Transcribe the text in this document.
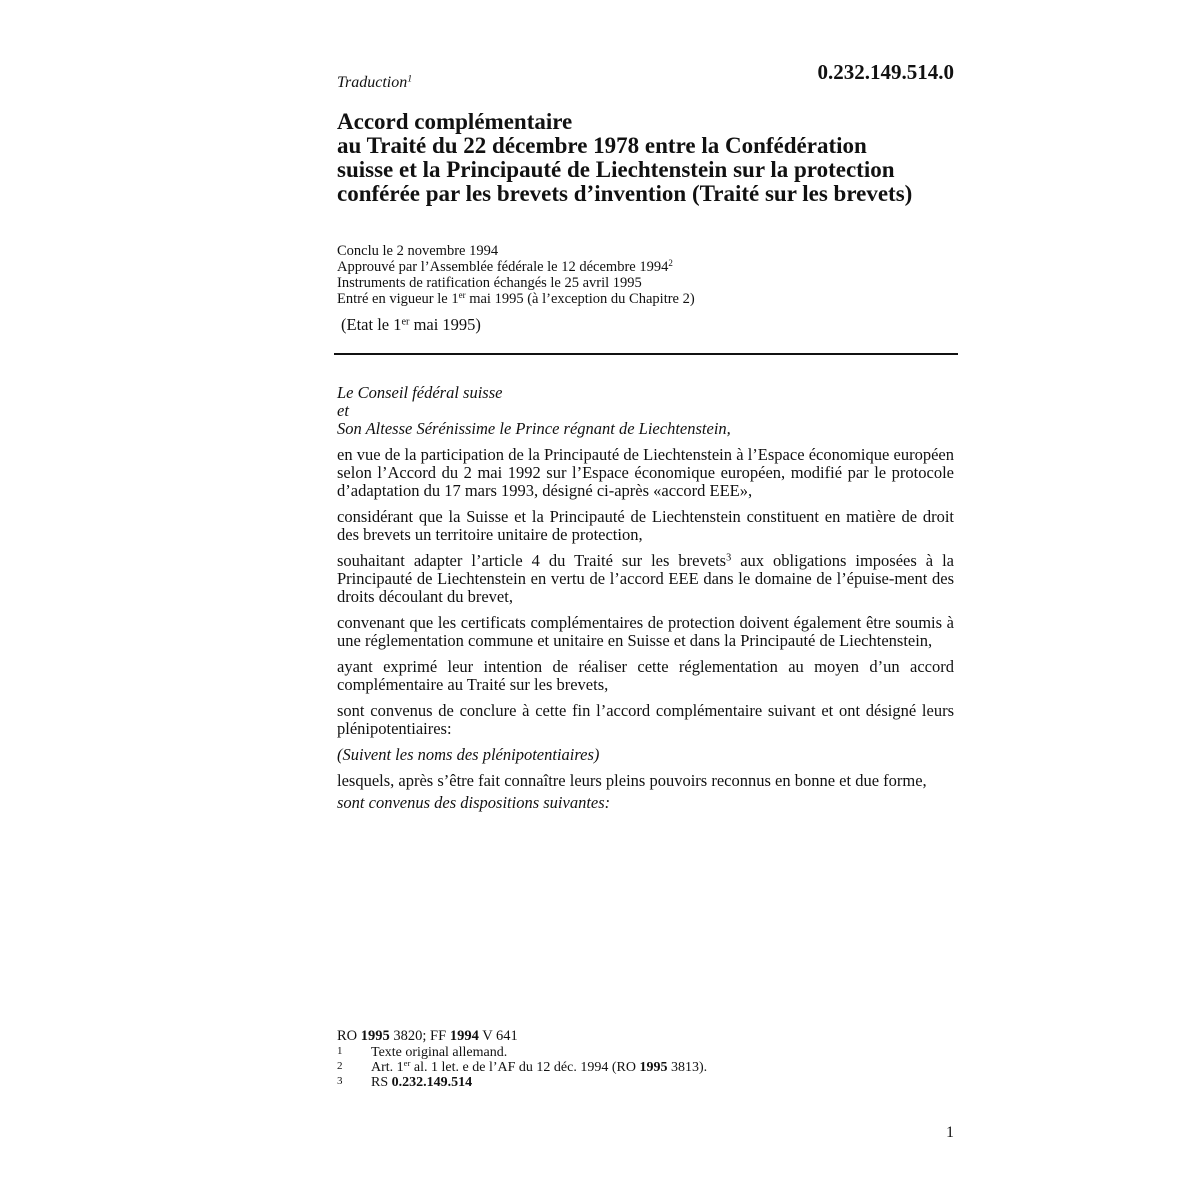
Traduction$^1$	0.232.149.514.0
Accord complémentaire
au Traité du 22 décembre 1978 entre la Confédération
suisse et la Principauté de Liechtenstein sur la protection
conférée par les brevets d’invention (Traité sur les brevets)
Conclu le 2 novembre 1994
Approuvé par l’Assemblée fédérale le 12 décembre 1994$^2$
Instruments de ratification échangés le 25 avril 1995
Entré en vigueur le 1er mai 1995 (à l’exception du Chapitre 2)
(Etat le 1er mai 1995)
Le Conseil fédéral suisse
et
Son Altesse Sérénissime le Prince régnant de Liechtenstein,

en vue de la participation de la Principauté de Liechtenstein à l’Espace économique européen selon l’Accord du 2 mai 1992 sur l’Espace économique européen, modifié par le protocole d’adaptation du 17 mars 1993, désigné ci-après «accord EEE»,

considérant que la Suisse et la Principauté de Liechtenstein constituent en matière de droit des brevets un territoire unitaire de protection,

souhaitant adapter l’article 4 du Traité sur les brevets$^3$ aux obligations imposées à la Principauté de Liechtenstein en vertu de l’accord EEE dans le domaine de l’épuise-ment des droits découlant du brevet,

convenant que les certificats complémentaires de protection doivent également être soumis à une réglementation commune et unitaire en Suisse et dans la Principauté de Liechtenstein,

ayant exprimé leur intention de réaliser cette réglementation au moyen d’un accord complémentaire au Traité sur les brevets,

sont convenus de conclure à cette fin l’accord complémentaire suivant et ont désigné leurs plénipotentiaires:

(Suivent les noms des plénipotentiaires)

lesquels, après s’être fait connaître leurs pleins pouvoirs reconnus en bonne et due forme,

sont convenus des dispositions suivantes:

RO 1995 3820; FF 1994 V 641
1	Texte original allemand.
2	Art. 1er al. 1 let. e de l’AF du 12 déc. 1994 (RO 1995 3813).
3	RS 0.232.149.514
1
